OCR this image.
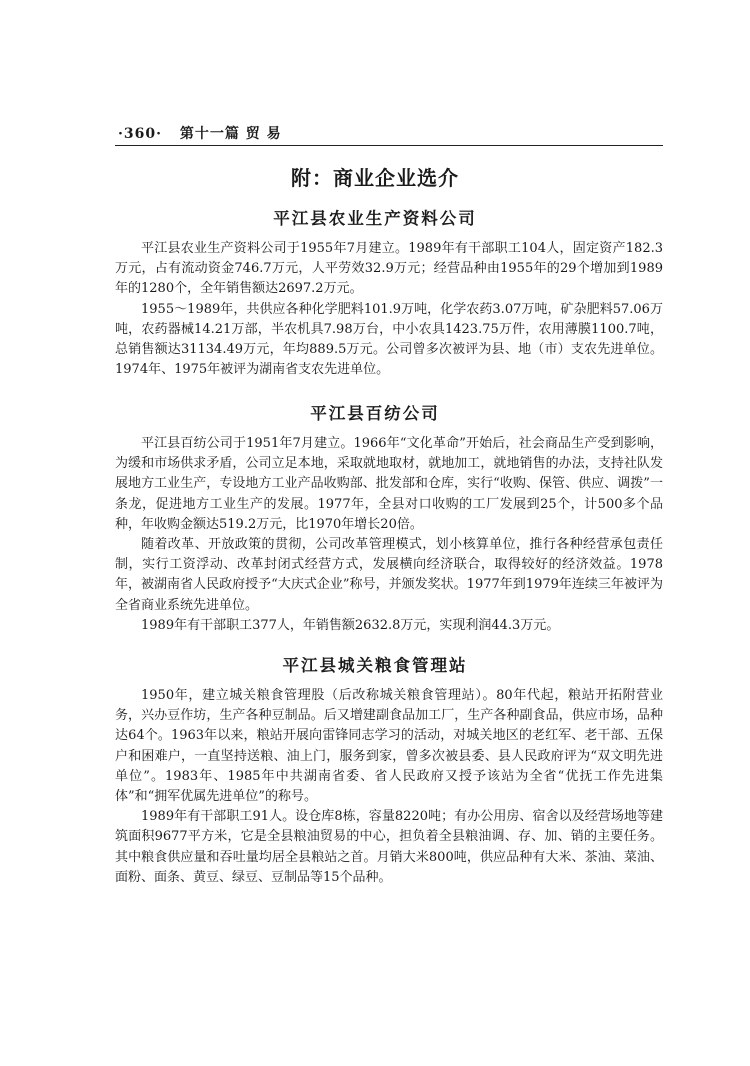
·360· 第十一篇 贸 易
附：商业企业选介
平江县农业生产资料公司

平江县农业生产资料公司于1955年7月建立。1989年有干部职工104人，固定资产182.3万元，占有流动资金746.7万元，人平劳效32.9万元；经营品种由1955年的29个增加到1989年的1280个，全年销售额达2697.2万元。

1955～1989年，共供应各种化学肥料101.9万吨，化学农药3.07万吨，矿杂肥料57.06万吨，农药器械14.21万部，半农机具7.98万台，中小农具1423.75万件，农用薄膜1100.7吨，总销售额达31134.49万元，年均889.5万元。公司曾多次被评为县、地（市）支农先进单位。1974年、1975年被评为湖南省支农先进单位。

平江县百纺公司

平江县百纺公司于1951年7月建立。1966年“文化革命”开始后，社会商品生产受到影响，为缓和市场供求矛盾，公司立足本地，采取就地取材，就地加工，就地销售的办法，支持社队发展地方工业生产，专设地方工业产品收购部、批发部和仓库，实行“收购、保管、供应、调拨”一条龙，促进地方工业生产的发展。1977年，全县对口收购的工厂发展到25个，计500多个品种，年收购金额达519.2万元，比1970年增长20倍。

随着改革、开放政策的贯彻，公司改革管理模式，划小核算单位，推行各种经营承包责任制，实行工资浮动、改革封闭式经营方式，发展横向经济联合，取得较好的经济效益。1978年，被湖南省人民政府授予“大庆式企业”称号，并颁发奖状。1977年到1979年连续三年被评为全省商业系统先进单位。

1989年有干部职工377人，年销售额2632.8万元，实现利润44.3万元。

平江县城关粮食管理站

1950年，建立城关粮食管理股（后改称城关粮食管理站）。80年代起，粮站开拓附营业务，兴办豆作坊，生产各种豆制品。后又增建副食品加工厂，生产各种副食品，供应市场，品种达64个。1963年以来，粮站开展向雷锋同志学习的活动，对城关地区的老红军、老干部、五保户和困难户，一直坚持送粮、油上门，服务到家，曾多次被县委、县人民政府评为“双文明先进单位”。1983年、1985年中共湖南省委、省人民政府又授予该站为全省“优抚工作先进集体”和“拥军优属先进单位”的称号。

1989年有干部职工91人。设仓库8栋，容量8220吨；有办公用房、宿舍以及经营场地等建筑面积9677平方米，它是全县粮油贸易的中心，担负着全县粮油调、存、加、销的主要任务。其中粮食供应量和吞吐量均居全县粮站之首。月销大米800吨，供应品种有大米、茶油、菜油、面粉、面条、黄豆、绿豆、豆制品等15个品种。
